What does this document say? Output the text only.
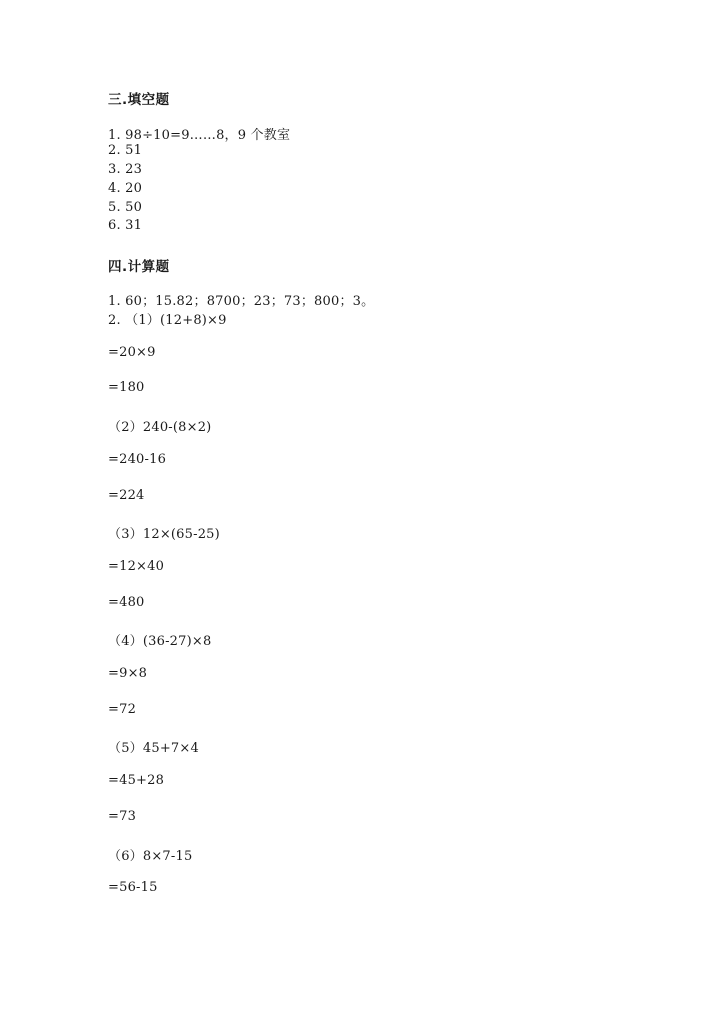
三.填空题
1. 98÷10=9……8，9 个教室
2. 51
3. 23
4. 20
5. 50
6. 31
四.计算题
1. 60；15.82；8700；23；73；800；3。
2. （1）(12+8)×9
=20×9
=180
（2）240-(8×2)
=240-16
=224
（3）12×(65-25)
=12×40
=480
（4）(36-27)×8
=9×8
=72
（5）45+7×4
=45+28
=73
（6）8×7-15
=56-15
